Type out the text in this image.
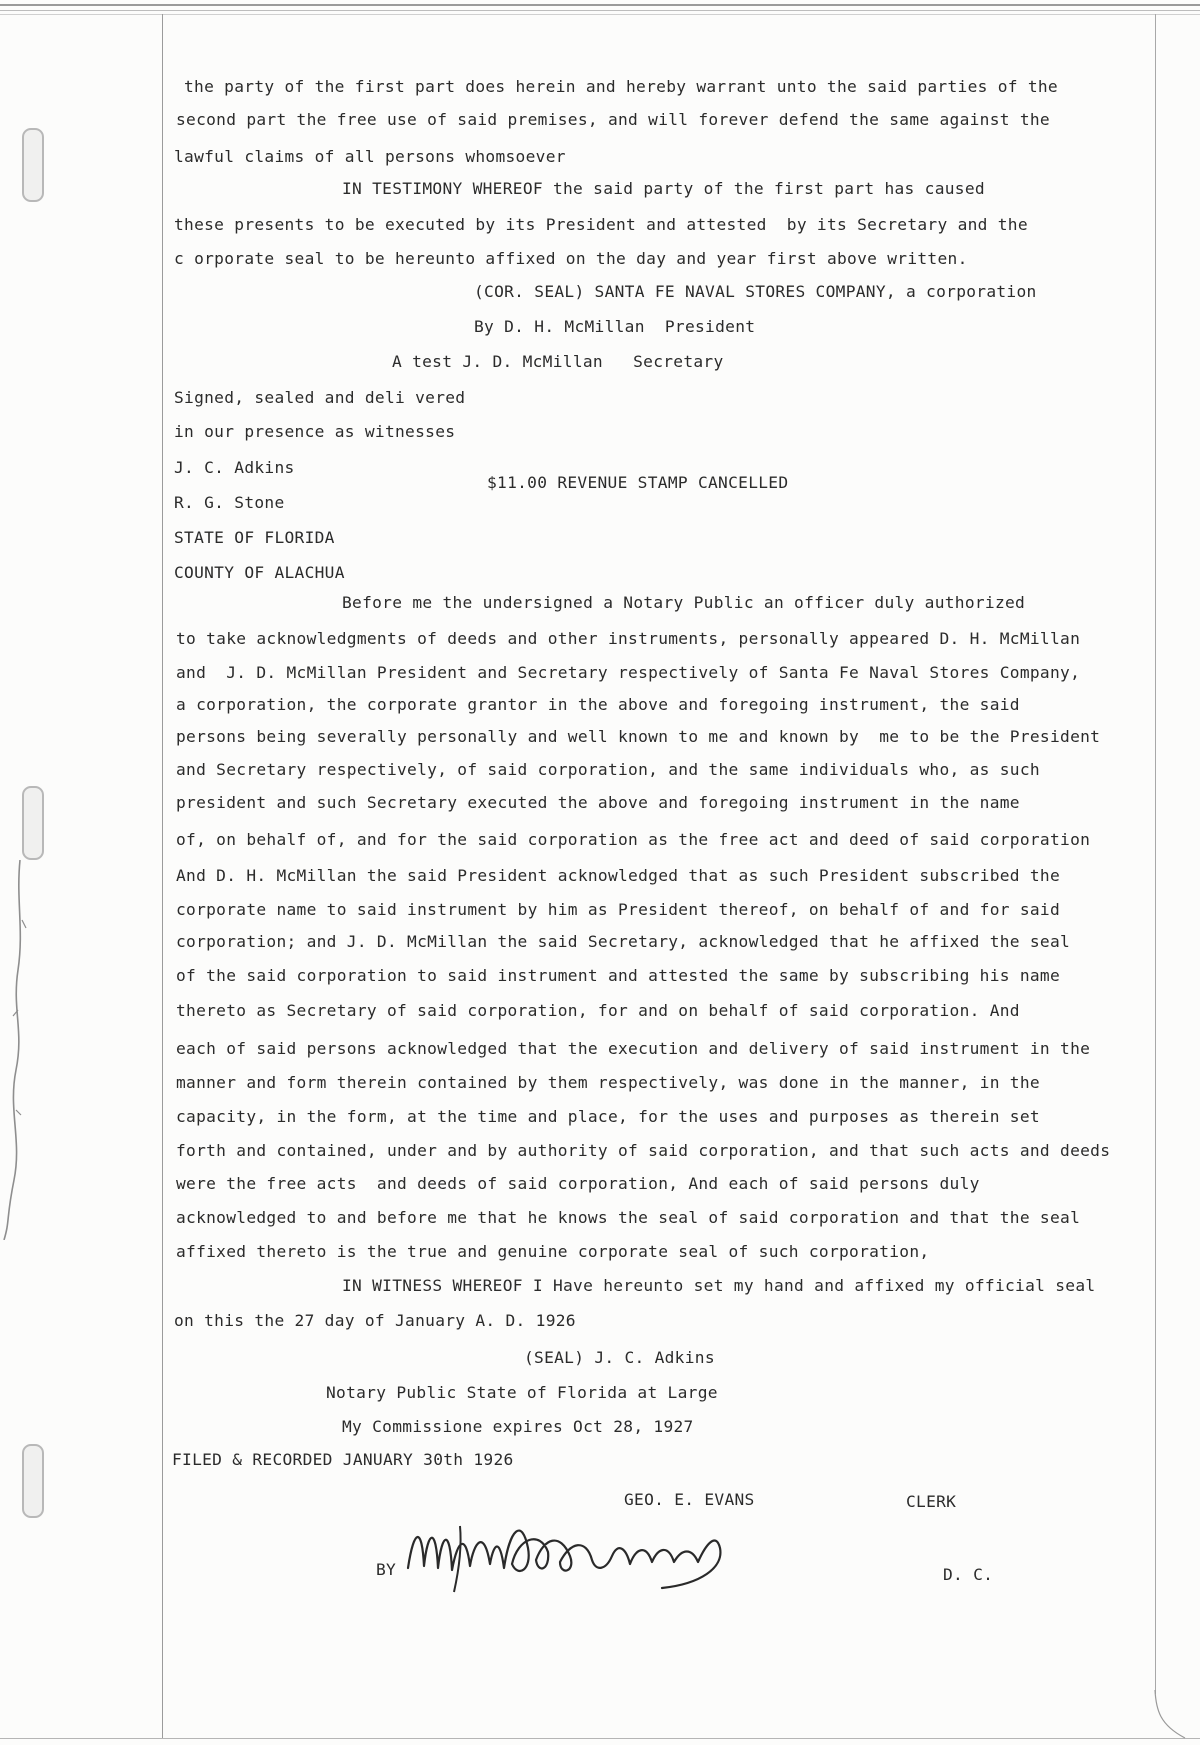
the party of the first part does herein and hereby warrant unto the said parties of the
second part the free use of said premises, and will forever defend the same against the
lawful claims of all persons whomsoever
IN TESTIMONY WHEREOF the said party of the first part has caused
these presents to be executed by its President and attested  by its Secretary and the
c orporate seal to be hereunto affixed on the day and year first above written.
(COR. SEAL) SANTA FE NAVAL STORES COMPANY, a corporation
By D. H. McMillan  President
A test J. D. McMillan   Secretary
Signed, sealed and deli vered
in our presence as witnesses
J. C. Adkins
$11.00 REVENUE STAMP CANCELLED
R. G. Stone
STATE OF FLORIDA
COUNTY OF ALACHUA
Before me the undersigned a Notary Public an officer duly authorized
to take acknowledgments of deeds and other instruments, personally appeared D. H. McMillan
and  J. D. McMillan President and Secretary respectively of Santa Fe Naval Stores Company,
a corporation, the corporate grantor in the above and foregoing instrument, the said
persons being severally personally and well known to me and known by  me to be the President
and Secretary respectively, of said corporation, and the same individuals who, as such
president and such Secretary executed the above and foregoing instrument in the name
of, on behalf of, and for the said corporation as the free act and deed of said corporation
And D. H. McMillan the said President acknowledged that as such President subscribed the
corporate name to said instrument by him as President thereof, on behalf of and for said
corporation; and J. D. McMillan the said Secretary, acknowledged that he affixed the seal
of the said corporation to said instrument and attested the same by subscribing his name
thereto as Secretary of said corporation, for and on behalf of said corporation. And
each of said persons acknowledged that the execution and delivery of said instrument in the
manner and form therein contained by them respectively, was done in the manner, in the
capacity, in the form, at the time and place, for the uses and purposes as therein set
forth and contained, under and by authority of said corporation, and that such acts and deeds
were the free acts  and deeds of said corporation, And each of said persons duly
acknowledged to and before me that he knows the seal of said corporation and that the seal
affixed thereto is the true and genuine corporate seal of such corporation,
IN WITNESS WHEREOF I Have hereunto set my hand and affixed my official seal
on this the 27 day of January A. D. 1926
(SEAL) J. C. Adkins
Notary Public State of Florida at Large
My Commissione expires Oct 28, 1927
FILED & RECORDED JANUARY 30th 1926
GEO. E. EVANS	CLERK
BY	D. C.
